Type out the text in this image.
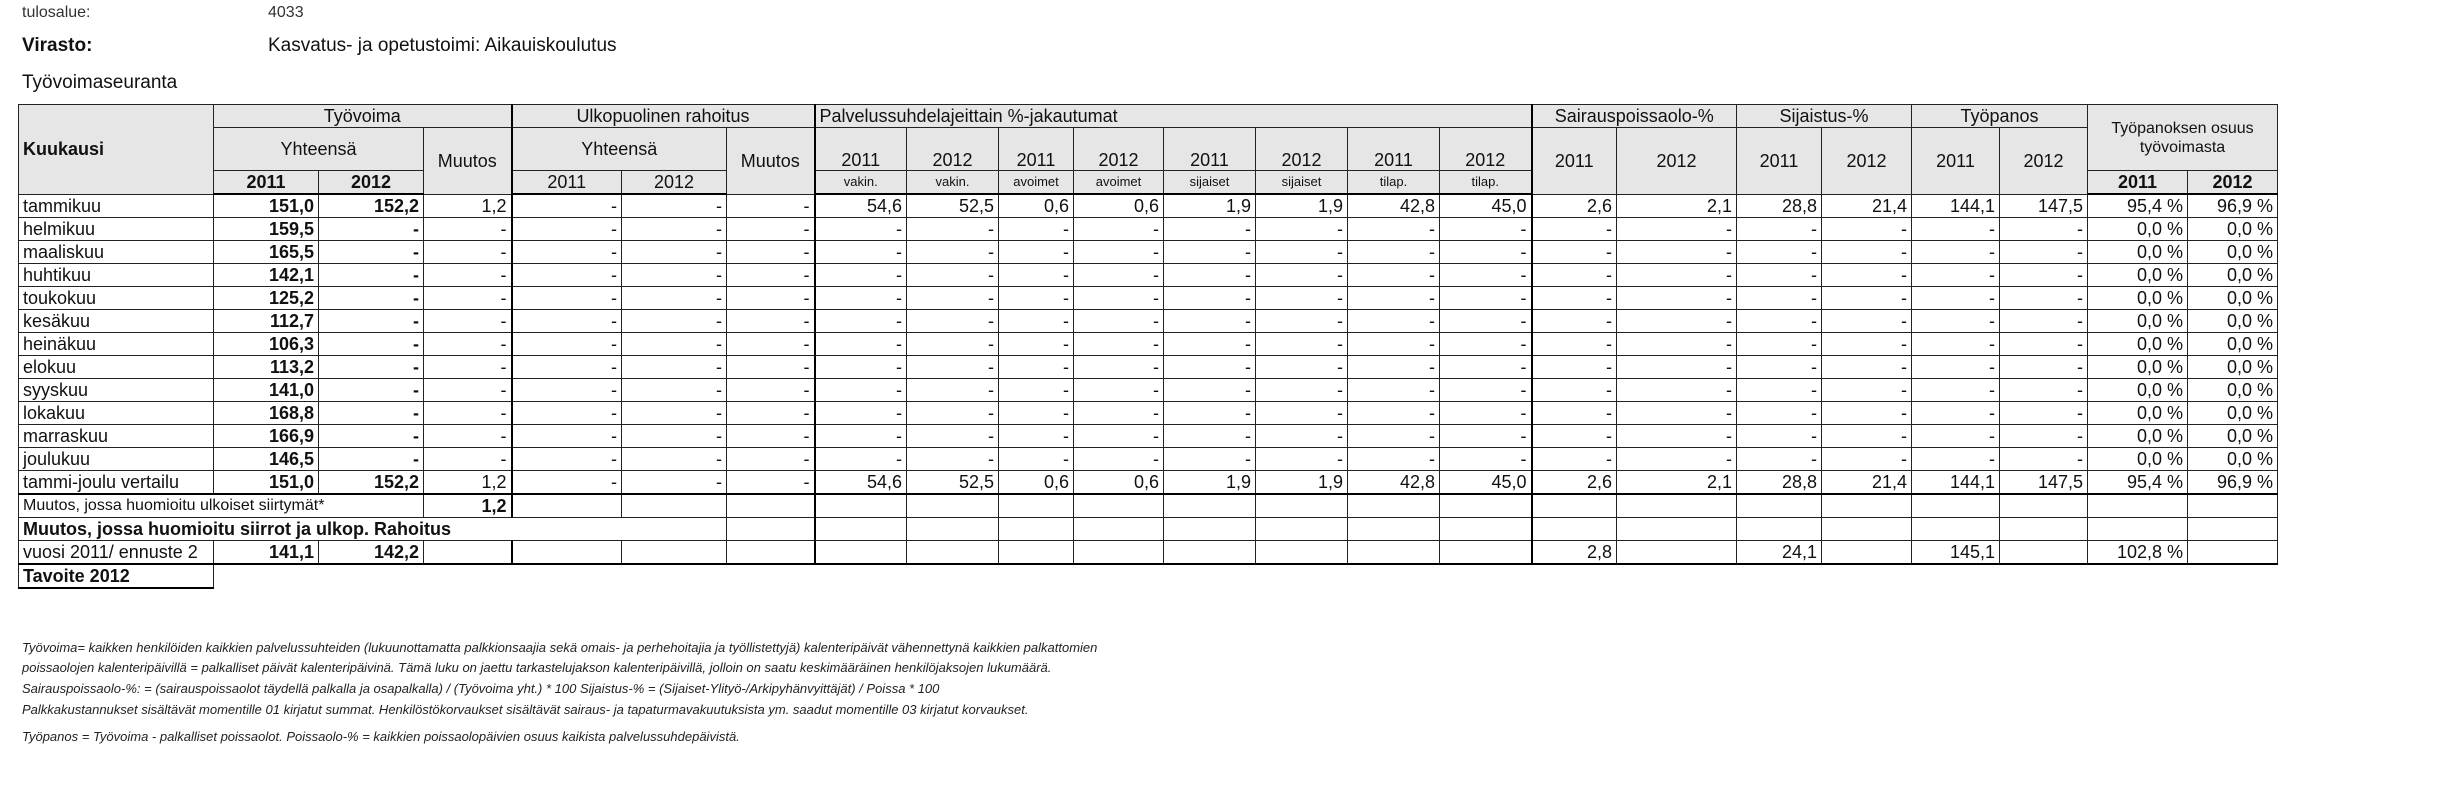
tulosalue:	4033
Virasto:	Kasvatus- ja opetustoimi: Aikauiskoulutus
Työvoimaseuranta
Kuukausi	Työvoima			Ulkopuolinen rahoitus			Palvelussuhdelajeittain %-jakautumat								Sairauspoissaolo-%		Sijaistus-%		Työpanos		Työpanoksen osuus työvoimasta	
	Yhteensä		Muutos	Yhteensä		Muutos	2011	2012	2011	2012	2011	2012	2011	2012	2011	2012	2011	2012	2011	2012		
	2011	2012		2011	2012		vakin.	vakin.	avoimet	avoimet	sijaiset	sijaiset	tilap.	tilap.							2011	2012
tammikuu	151,0	152,2	1,2	-	-	-	54,6	52,5	0,6	0,6	1,9	1,9	42,8	45,0	2,6	2,1	28,8	21,4	144,1	147,5	95,4 %	96,9 %
helmikuu	159,5	-	-	-	-	-	-	-	-	-	-	-	-	-	-	-	-	-	-	-	0,0 %	0,0 %
maaliskuu	165,5	-	-	-	-	-	-	-	-	-	-	-	-	-	-	-	-	-	-	-	0,0 %	0,0 %
huhtikuu	142,1	-	-	-	-	-	-	-	-	-	-	-	-	-	-	-	-	-	-	-	0,0 %	0,0 %
toukokuu	125,2	-	-	-	-	-	-	-	-	-	-	-	-	-	-	-	-	-	-	-	0,0 %	0,0 %
kesäkuu	112,7	-	-	-	-	-	-	-	-	-	-	-	-	-	-	-	-	-	-	-	0,0 %	0,0 %
heinäkuu	106,3	-	-	-	-	-	-	-	-	-	-	-	-	-	-	-	-	-	-	-	0,0 %	0,0 %
elokuu	113,2	-	-	-	-	-	-	-	-	-	-	-	-	-	-	-	-	-	-	-	0,0 %	0,0 %
syyskuu	141,0	-	-	-	-	-	-	-	-	-	-	-	-	-	-	-	-	-	-	-	0,0 %	0,0 %
lokakuu	168,8	-	-	-	-	-	-	-	-	-	-	-	-	-	-	-	-	-	-	-	0,0 %	0,0 %
marraskuu	166,9	-	-	-	-	-	-	-	-	-	-	-	-	-	-	-	-	-	-	-	0,0 %	0,0 %
joulukuu	146,5	-	-	-	-	-	-	-	-	-	-	-	-	-	-	-	-	-	-	-	0,0 %	0,0 %
tammi-joulu vertailu	151,0	152,2	1,2	-	-	-	54,6	52,5	0,6	0,6	1,9	1,9	42,8	45,0	2,6	2,1	28,8	21,4	144,1	147,5	95,4 %	96,9 %
Muutos, jossa huomioitu ulkoiset siirtymät*			1,2																			
Muutos, jossa huomioitu siirrot ja ulkop. Rahoitus																						
vuosi 2011/ ennuste 2	141,1	142,2													2,8		24,1		145,1		102,8 %	
Tavoite 2012																						
Työvoima= kaikken henkilöiden kaikkien palvelussuhteiden (lukuunottamatta palkkionsaajia sekä omais- ja perhehoitajia ja työllistettyjä) kalenteripäivät vähennettynä kaikkien palkattomien
poissaolojen kalenteripäivillä = palkalliset päivät kalenteripäivinä. Tämä luku on jaettu tarkastelujakson kalenteripäivillä, jolloin on saatu keskimääräinen henkilöjaksojen lukumäärä.
Sairauspoissaolo-%: = (sairauspoissaolot täydellä palkalla ja osapalkalla) / (Työvoima yht.) * 100 Sijaistus-% = (Sijaiset-Ylityö-/Arkipyhänvyittäjät) / Poissa * 100
Palkkakustannukset sisältävät momentille 01 kirjatut summat. Henkilöstökorvaukset sisältävät sairaus- ja tapaturmavakuutuksista ym. saadut momentille 03 kirjatut korvaukset.
Työpanos = Työvoima - palkalliset poissaolot. Poissaolo-% = kaikkien poissaolopäivien osuus kaikista palvelussuhdepäivistä.
